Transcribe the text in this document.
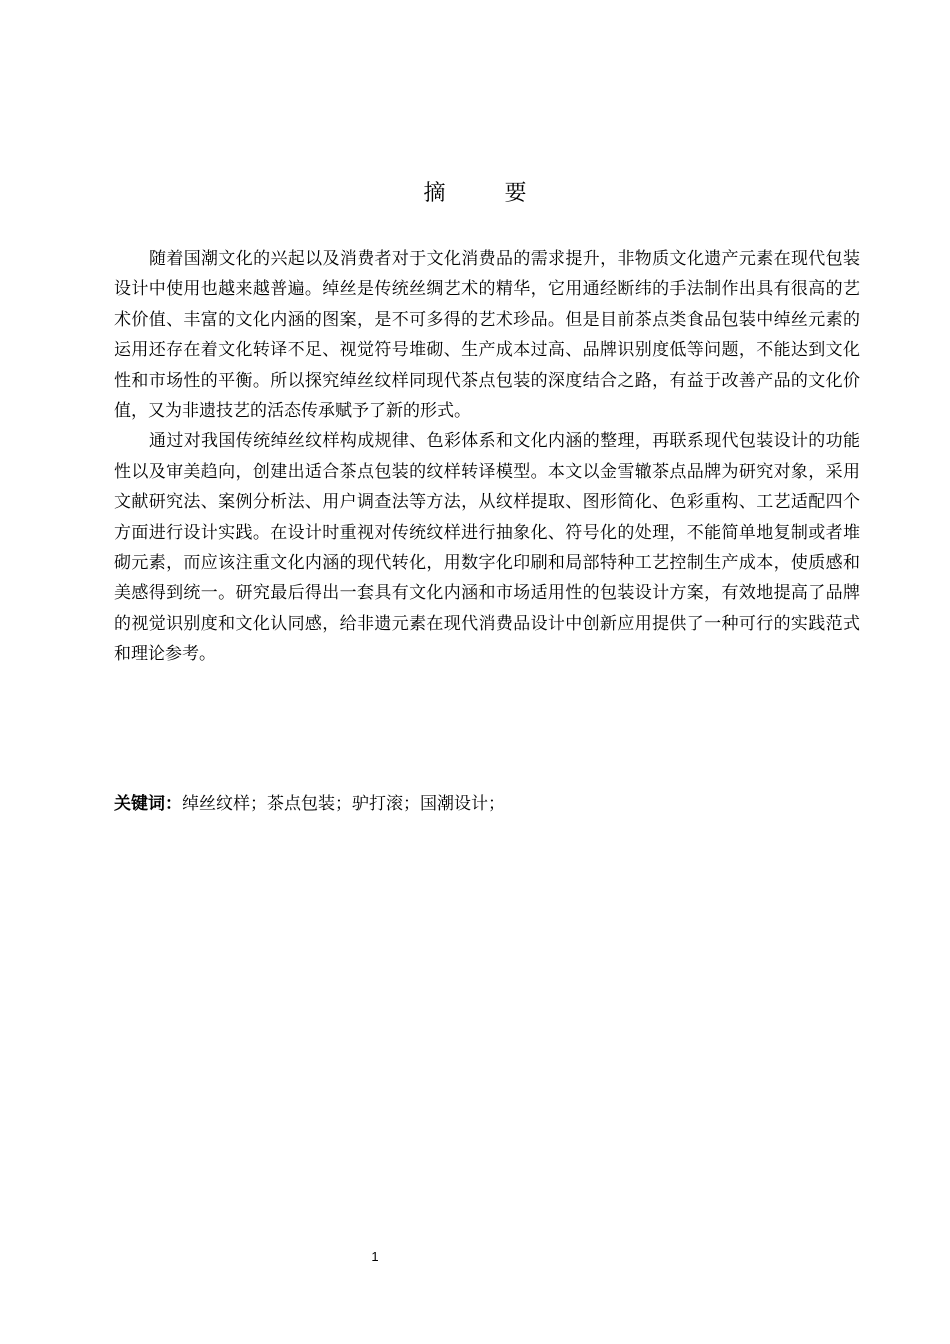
摘 要

随着国潮文化的兴起以及消费者对于文化消费品的需求提升，非物质文化遗产元素在现代包装设计中使用也越来越普遍。绰丝是传统丝绸艺术的精华，它用通经断纬的手法制作出具有很高的艺术价值、丰富的文化内涵的图案，是不可多得的艺术珍品。但是目前茶点类食品包装中绰丝元素的运用还存在着文化转译不足、视觉符号堆砌、生产成本过高、品牌识别度低等问题，不能达到文化性和市场性的平衡。所以探究绰丝纹样同现代茶点包装的深度结合之路，有益于改善产品的文化价值，又为非遗技艺的活态传承赋予了新的形式。

通过对我国传统绰丝纹样构成规律、色彩体系和文化内涵的整理，再联系现代包装设计的功能性以及审美趋向，创建出适合茶点包装的纹样转译模型。本文以金雪辙茶点品牌为研究对象，采用文献研究法、案例分析法、用户调查法等方法，从纹样提取、图形简化、色彩重构、工艺适配四个方面进行设计实践。在设计时重视对传统纹样进行抽象化、符号化的处理，不能简单地复制或者堆砌元素，而应该注重文化内涵的现代转化，用数字化印刷和局部特种工艺控制生产成本，使质感和美感得到统一。研究最后得出一套具有文化内涵和市场适用性的包装设计方案，有效地提高了品牌的视觉识别度和文化认同感，给非遗元素在现代消费品设计中创新应用提供了一种可行的实践范式和理论参考。

关键词：绰丝纹样；茶点包装；驴打滚；国潮设计；
1
